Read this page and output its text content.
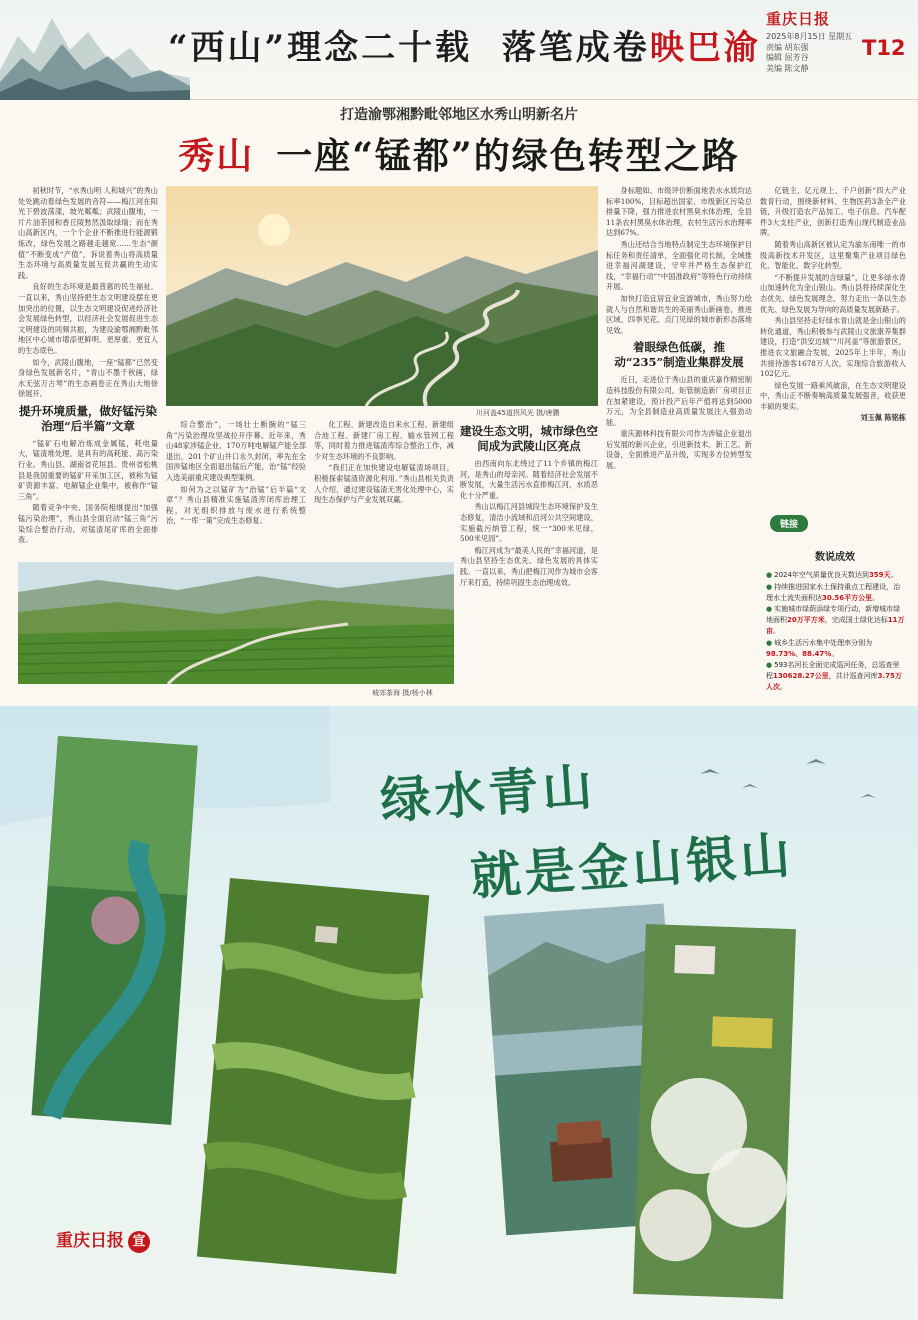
“西山”理念二十载 落笔成卷映巴渝
重庆日报
2025年8月15日 星期五
责编 胡东强
编辑 屈芳谷
美编 陈文静
T12
打造渝鄂湘黔毗邻地区水秀山明新名片
秀山 一座“锰都”的绿色转型之路
川河盖45道拐风光 摄/唐鹏

初秋时节，“水秀山明 人和城兴”的秀山处处跳动着绿色发展的音符——梅江河在阳光下碧波荡漾，坡光粼粼；武陵山腹地，一片片油茶园和香丘陵愁然汲取绿瑞；而在秀山高新区内，一个个企业不断推进行能源锻炼改，绿色发展之路越走越宽……生态“颜值”不断变成“产值”，诉说着秀山将高质量生态环境与高质量发展互促共赢的生动实践。

良好的生态环境是最普惠的民生福祉。一直以来，秀山坚持把生态文明建设摆在更加突出的位置，以生态文明建设促进经济社会发展绿色转型，以经济社会发展促进生态文明建设的同频共振，为建设渝鄂湘黔毗邻地区中心城市增添更鲜明、更厚重、更宜人的生态底色。

如今，武陵山腹地，一座“锰都”已然变身绿色发展新名片，“青山不墨千秋画，绿水无弦万古琴”的生态画卷正在秀山大地徐徐展开。

提升环境质量，做好锰污染治理“后半篇”文章

“锰矿石电解冶炼成金属锰，耗电量大，锰渣堆处理，是具有的高耗能、高污染行业。秀山县、湖南省花垣县、贵州省松桃县是我国重要的锰矿开采加工区，被称为锰矿资源丰富、电解锰企业集中，被称作“锰三角”。

随着竞争中央、国务院相继提出“加强锰污染治理”，秀山县全面启动“锰三角”污染综合整治行动，对锰渣尾矿库的全面排查。

综合整治”，一场壮士断腕的“锰三角”污染治理攻坚战拉开序幕。近年来，秀山48家涉锰企业、170万吨电解锰产能全部退出，201个矿山井口永久封闭，率先在全国涉锰地区全面退出锰后产能，治“锰”经验入选美丽重庆建设典型案例。

如何为之以锰矿为“治锰”后半篇“文章”？秀山县精准实施锰渣库闭库治理工程，对无组织排放与废水进行系统整治，“一库一策”完成生态修复。

化工程、新建改造自来水工程、新建组合池工程、新建厂房工程、输水管网工程等，同时着力推进锰渣库综合整治工作，减少对生态环境的不良影响。

“我们正在加快建设电解锰渣场项目，积极探索锰渣资源化利用。”秀山县相关负责人介绍，通过建设锰渣无害化处理中心，实现生态保护与产业发展双赢。

建设生态文明，城市绿色空间成为武陵山区亮点

由西南向东北绕过了11个乡镇的梅江河，是秀山的母亲河。随着经济社会发展不断发展，大量生活污水直排梅江河，水质恶化十分严重。

秀山以梅江河县城段生态环境保护及生态修复，清洁小流域和沿河公共空间建设，实施截污纳管工程，统一“300米见绿，500米见园”。

梅江河成为“最美人民的”幸福河道，是秀山县坚持生态优先、绿色发展的具体实践。一直以来，秀山把梅江河作为城市会客厅来打造，持续巩固生态治理成效。

身标题如、市级评价断面地表水水质均达标率100%，目标超出国家、市级新区污染总排量下降，强力推进农村黑臭水体治理，全县11条农村黑臭水体治理，农村生活污水治理率达到67%。

秀山还结合当地特点制定生态环境保护目标任务和责任清单，全面强化司长制，全域推进幸福河湖建设，守牢并严格生态保护红线，“幸福行动”“中国准政府”等特色行动持续开展。

加快打造宜居宜业宜游城市，秀山努力绘就人与自然和谐共生的美丽秀山新画卷，推进区域、四季见花、点门见绿的城市新形态落地见效。

着眼绿色低碳，推动“235”制造业集群发展

近日，走进位于秀山县的重庆嘉作精密制造科技股份有限公司，矩管制造新厂房项目正在加紧建设，预计投产后年产值将达到5000万元，为全县制造业高质量发展注入强劲动能。

重庆源林科技有限公司作为涉锰企业退出后发展的新兴企业，引进新技术、新工艺、新设备，全面推进产品升级，实现多方位转型发展。

亿链主、亿元规上、千户创新“四大产业数育行动，围绕新材料、生物医药3条全产业链，升级打造农产品加工、电子信息、汽车配件3大支柱产业，创新打造秀山现代制造业品牌。

随着秀山高新区被认定为渝东南唯一的市级高新技术开发区，这里聚集产业项目绿色化、智能化、数字化转型。

“不断提升发展的含绿量”，让更多绿水青山加速转化为金山银山。秀山县将持续深化生态优先、绿色发展理念，努力走出一条以生态优先、绿色发展为导向的高质量发展新路子。

秀山县坚持走好绿水青山就是金山银山的转化通道，秀山积极参与武陵山文旅康养集群建设，打造“洪安边城”“川河盖”等旅游景区，推进农文旅融合发展，2025年上半年，秀山共接待游客1678万人次，实现综合旅游收入102亿元。

绿色发展一路乘风破浪，在生态文明建设中，秀山正不断奏响高质量发展强音，收获更丰硕的果实。

刘玉佩 陈铭栋
城郊茶海 摄/杨小林
链接
数说成效
● 2024年空气质量优良天数达到359天。
● 持续推进国家水土保持重点工程建设，治理水土流失面积达30.56平方公里。
● 实施城市绿荫添绿专项行动，新增城市绿地面积20万平方米，完成国土绿化达标11万亩。
● 城乡生活污水集中处理率分别为98.73%、88.47%。
● 593名河长全面完成巡河任务，总巡查里程130628.27公里，共计巡查河库3.75万人次。
绿水青山
就是金山银山
重庆日报 宣
